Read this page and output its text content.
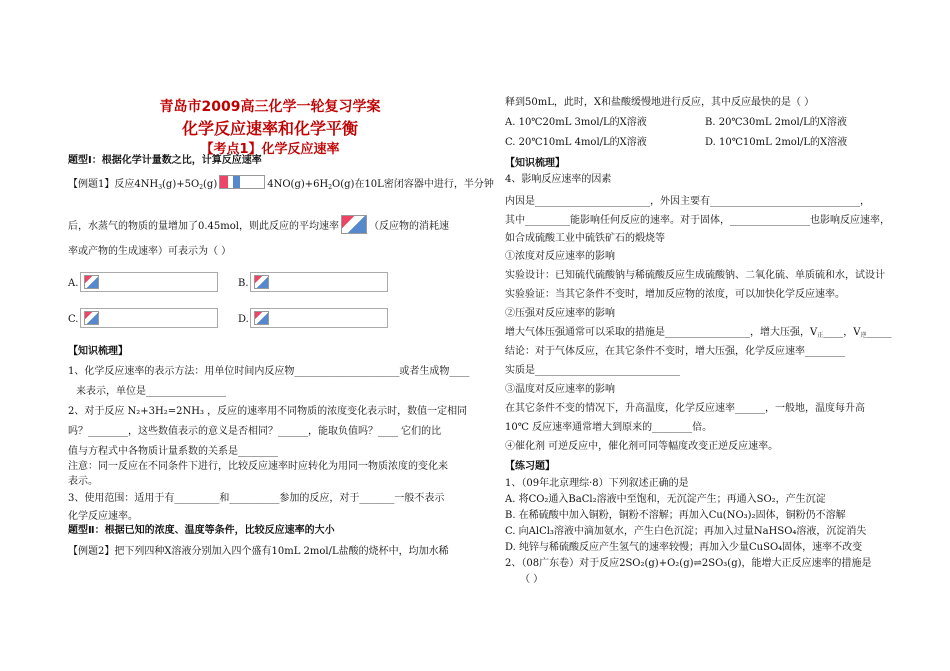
青岛市2009高三化学一轮复习学案
化学反应速率和化学平衡
【考点1】化学反应速率
题型Ⅰ：根据化学计量数之比，计算反应速率
【例题1】反应$4NH_3(g)+5O_2(g)$	$4NO(g)+6H_2O(g)$在10L密闭容器中进行，半分钟
后，水蒸气的物质的量增加了0.45mol，则此反应的平均速率	（反应物的消耗速
率或产物的生成速率）可表示为（ ）
A.	B.
C.	D.
【知识梳理】
1、化学反应速率的表示方法：用单位时间内反应物_____________________或者生成物____
来表示，单位是________________
2、对于反应 N₂+3H₂=2NH₃ ，反应的速率用不同物质的浓度变化表示时，数值一定相同
吗？________，这些数值表示的意义是否相同？______，能取负值吗？____ 它们的比
值与方程式中各物质计量系数的关系是________
注意：同一反应在不同条件下进行，比较反应速率时应转化为用同一物质浓度的变化来
表示。
3、使用范围：适用于有_________和__________参加的反应，对于_______一般不表示
化学反应速率。
题型Ⅱ：根据已知的浓度、温度等条件，比较反应速率的大小
【例题2】把下列四种X溶液分别加入四个盛有10mL 2mol/L盐酸的烧杯中，均加水稀
释到50mL，此时，X和盐酸缓慢地进行反应，其中反应最快的是（ ）
A. 10℃20mL 3mol/L的X溶液	B. 20℃30mL 2mol/L的X溶液
C. 20℃10mL 4mol/L的X溶液	D. 10℃10mL 2mol/L的X溶液
【知识梳理】
4、影响反应速率的因素
内因是_______________________，外因主要有______________________________，
其中_________能影响任何反应的速率。对于固体，________________也影响反应速率，
如合成硫酸工业中硫铁矿石的煅烧等
①浓度对反应速率的影响
实验设计：已知硫代硫酸钠与稀硫酸反应生成硫酸钠、二氧化硫、单质硫和水，试设计
实验验证：当其它条件不变时，增加反应物的浓度，可以加快化学反应速率。
②压强对反应速率的影响
增大气体压强通常可以采取的措施是_________________，增大压强，$V_正\_\_\_\_$，$V_逆\_\_\_\_\_$
结论：对于气体反应，在其它条件不变时，增大压强，化学反应速率________
实质是_____________________________
③温度对反应速率的影响
在其它条件不变的情况下，升高温度，化学反应速率______，一般地，温度每升高
10℃ 反应速率通常增大到原来的________倍。
④催化剂 可逆反应中，催化剂可同等幅度改变正逆反应速率。
【练习题】
1、（09年北京理综·8）下列叙述正确的是
A. 将CO₂通入BaCl₂溶液中至饱和，无沉淀产生；再通入SO₂，产生沉淀
B. 在稀硫酸中加入铜粉，铜粉不溶解；再加入Cu(NO₃)₂固体，铜粉仍不溶解
C. 向AlCl₃溶液中滴加氨水，产生白色沉淀；再加入过量NaHSO₄溶液，沉淀消失
D. 纯锌与稀硫酸反应产生氢气的速率较慢；再加入少量CuSO₄固体，速率不改变
2、（08广东卷）对于反应2SO₂(g)+O₂(g)⇌2SO₃(g)，能增大正反应速率的措施是
（ ）
